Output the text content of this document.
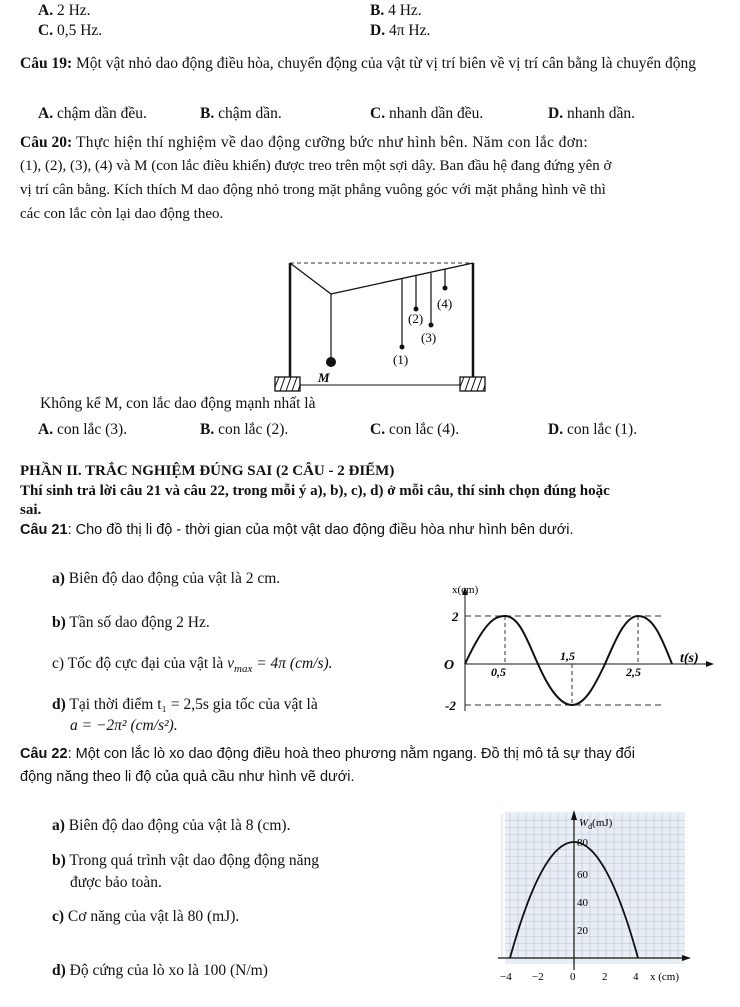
A. 2 Hz.	B. 4 Hz.
C. 0,5 Hz.	D. 4π Hz.

Câu 19: Một vật nhỏ dao động điều hòa, chuyển động của vật từ vị trí biên về vị trí cân bằng là chuyển động

A. chậm dần đều.	B. chậm dần.	C. nhanh dần đều.	D. nhanh dần.
Câu 20: Thực hiện thí nghiệm về dao động cưỡng bức như hình bên. Năm con lắc đơn:
(1), (2), (3), (4) và M (con lắc điều khiển) được treo trên một sợi dây. Ban đầu hệ đang đứng yên ở
vị trí cân bằng. Kích thích M dao động nhỏ trong mặt phẳng vuông góc với mặt phẳng hình vẽ thì
các con lắc còn lại dao động theo.
(1)
(2)
(3)
(4)
M
Không kể M, con lắc dao động mạnh nhất là
A. con lắc (3).	B. con lắc (2).	C. con lắc (4).	D. con lắc (1).
PHẦN II. TRẮC NGHIỆM ĐÚNG SAI (2 CÂU - 2 ĐIỂM)
Thí sinh trả lời câu 21 và câu 22, trong mỗi ý a), b), c), d) ở mỗi câu, thí sinh chọn đúng hoặc
sai.
Câu 21: Cho đồ thị li độ - thời gian của một vật dao động điều hòa như hình bên dưới.
a) Biên độ dao động của vật là 2 cm.
b) Tần số dao động 2 Hz.
c) Tốc độ cực đại của vật là $v_{max} = 4\pi$ (cm/s).
d) Tại thời điểm t₁ = 2,5s gia tốc của vật là
a = −2π² (cm/s²).
x(cm)
t(s)
O
2
-2
0,5
1,5
2,5
Câu 22: Một con lắc lò xo dao động điều hoà theo phương nằm ngang. Đồ thị mô tả sự thay đổi
động năng theo li độ của quả cầu như hình vẽ dưới.
a) Biên độ dao động của vật là 8 (cm).
b) Trong quá trình vật dao động động năng
được bảo toàn.
c) Cơ năng của vật là 80 (mJ).
d) Độ cứng của lò xo là 100 (N/m)
$W_đ(mJ)$
80
60
40
20
−4 −2 0 2 4 x (cm)
